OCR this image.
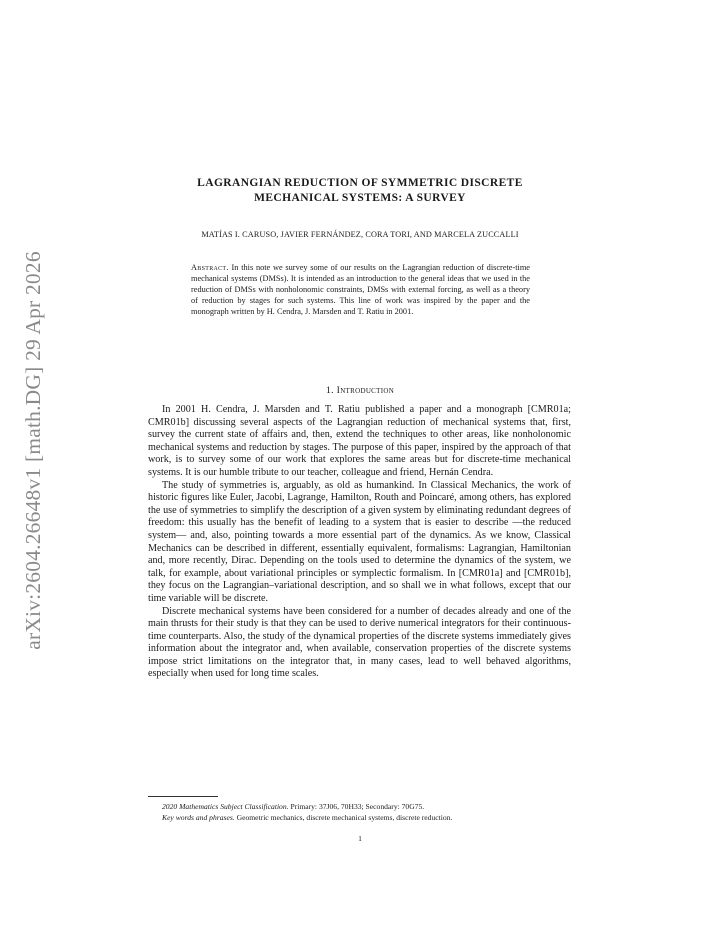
arXiv:2604.26648v1 [math.DG] 29 Apr 2026
LAGRANGIAN REDUCTION OF SYMMETRIC DISCRETE
MECHANICAL SYSTEMS: A SURVEY
MATÍAS I. CARUSO, JAVIER FERNÁNDEZ, CORA TORI, AND MARCELA ZUCCALLI
Abstract. In this note we survey some of our results on the Lagrangian reduction of discrete-time mechanical systems (DMSs). It is intended as an introduction to the general ideas that we used in the reduction of DMSs with nonholonomic constraints, DMSs with external forcing, as well as a theory of reduction by stages for such systems. This line of work was inspired by the paper and the monograph written by H. Cendra, J. Marsden and T. Ratiu in 2001.
1. Introduction

In 2001 H. Cendra, J. Marsden and T. Ratiu published a paper and a monograph [CMR01a; CMR01b] discussing several aspects of the Lagrangian reduction of mechanical systems that, first, survey the current state of affairs and, then, extend the techniques to other areas, like nonholonomic mechanical systems and reduction by stages. The purpose of this paper, inspired by the approach of that work, is to survey some of our work that explores the same areas but for discrete-time mechanical systems. It is our humble tribute to our teacher, colleague and friend, Hernán Cendra.

The study of symmetries is, arguably, as old as humankind. In Classical Mechanics, the work of historic figures like Euler, Jacobi, Lagrange, Hamilton, Routh and Poincaré, among others, has explored the use of symmetries to simplify the description of a given system by eliminating redundant degrees of freedom: this usually has the benefit of leading to a system that is easier to describe —the reduced system— and, also, pointing towards a more essential part of the dynamics. As we know, Classical Mechanics can be described in different, essentially equivalent, formalisms: Lagrangian, Hamiltonian and, more recently, Dirac. Depending on the tools used to determine the dynamics of the system, we talk, for example, about variational principles or symplectic formalism. In [CMR01a] and [CMR01b], they focus on the Lagrangian–variational description, and so shall we in what follows, except that our time variable will be discrete.

Discrete mechanical systems have been considered for a number of decades already and one of the main thrusts for their study is that they can be used to derive numerical integrators for their continuous-time counterparts. Also, the study of the dynamical properties of the discrete systems immediately gives information about the integrator and, when available, conservation properties of the discrete systems impose strict limitations on the integrator that, in many cases, lead to well behaved algorithms, especially when used for long time scales.

2020 Mathematics Subject Classification. Primary: 37J06, 70H33; Secondary: 70G75.

Key words and phrases. Geometric mechanics, discrete mechanical systems, discrete reduction.

1
